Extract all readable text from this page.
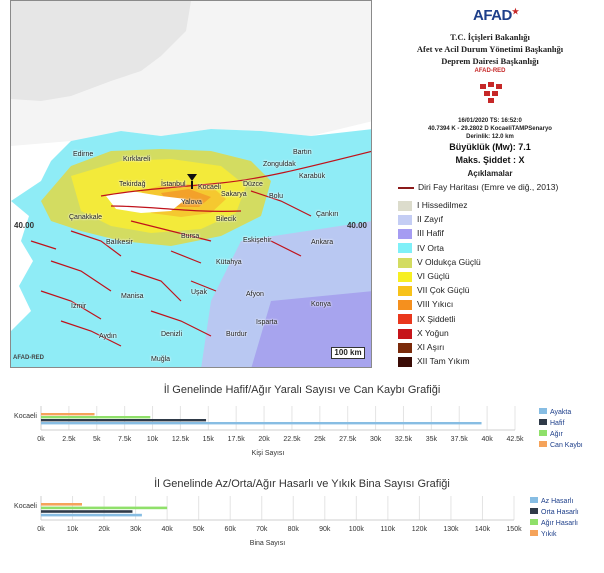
Kırklareli
Edirne
Tekirdağ İstanbul Kocaeli
Sakarya
Düzce
Zonguldak
Bartın
Karabük
Bolu
Yalova
Çanakkale	Bilecik
Bursa
Balıkesir	Eskişehir
Çankırı
Ankara
Kütahya
İzmir
Manisa
Uşak	Afyon
Aydın	Denizli	Burdur
Isparta
Muğla
Konya
40.00	40.00
AFAD-RED
100 km
AFAD★
T.C. İçişleri Bakanlığı
Afet ve Acil Durum Yönetimi Başkanlığı
Deprem Dairesi Başkanlığı
AFAD-RED
16/01/2020 TS: 16:52:0
40.7394 K - 29.2802 D KocaeliTAMPSenaryo
Derinlik: 12.0 km
Büyüklük (Mw): 7.1
Maks. Şiddet : X
Açıklamalar
Diri Fay Haritası (Emre ve diğ., 2013)
I Hissedilmez
II Zayıf
III Hafif
IV Orta
V Oldukça Güçlü
VI Güçlü
VII Çok Güçlü
VIII Yıkıcı
IX Şiddetli
X Yoğun
XI Aşırı
XII Tam Yıkım
İl Genelinde Hafif/Ağır Yaralı Sayısı ve Can Kaybı Grafiği
0k	2.5k	5k	7.5k 10k 12.5k 15k 17.5k 20k 22.5k 25k 27.5k 30k 32.5k 35k 37.5k 40k 42.5k
Kocaeli
Kişi Sayısı
Ayakta
Hafif
Ağır
Can Kaybı
İl Genelinde Az/Orta/Ağır Hasarlı ve Yıkık Bina Sayısı Grafiği
0k	10k	20k	30k	40k	50k	60k	70k	80k	90k	100k 110k 120k 130k 140k 150k
Kocaeli
Bina Sayısı
Az Hasarlı
Orta Hasarlı
Ağır Hasarlı
Yıkık
